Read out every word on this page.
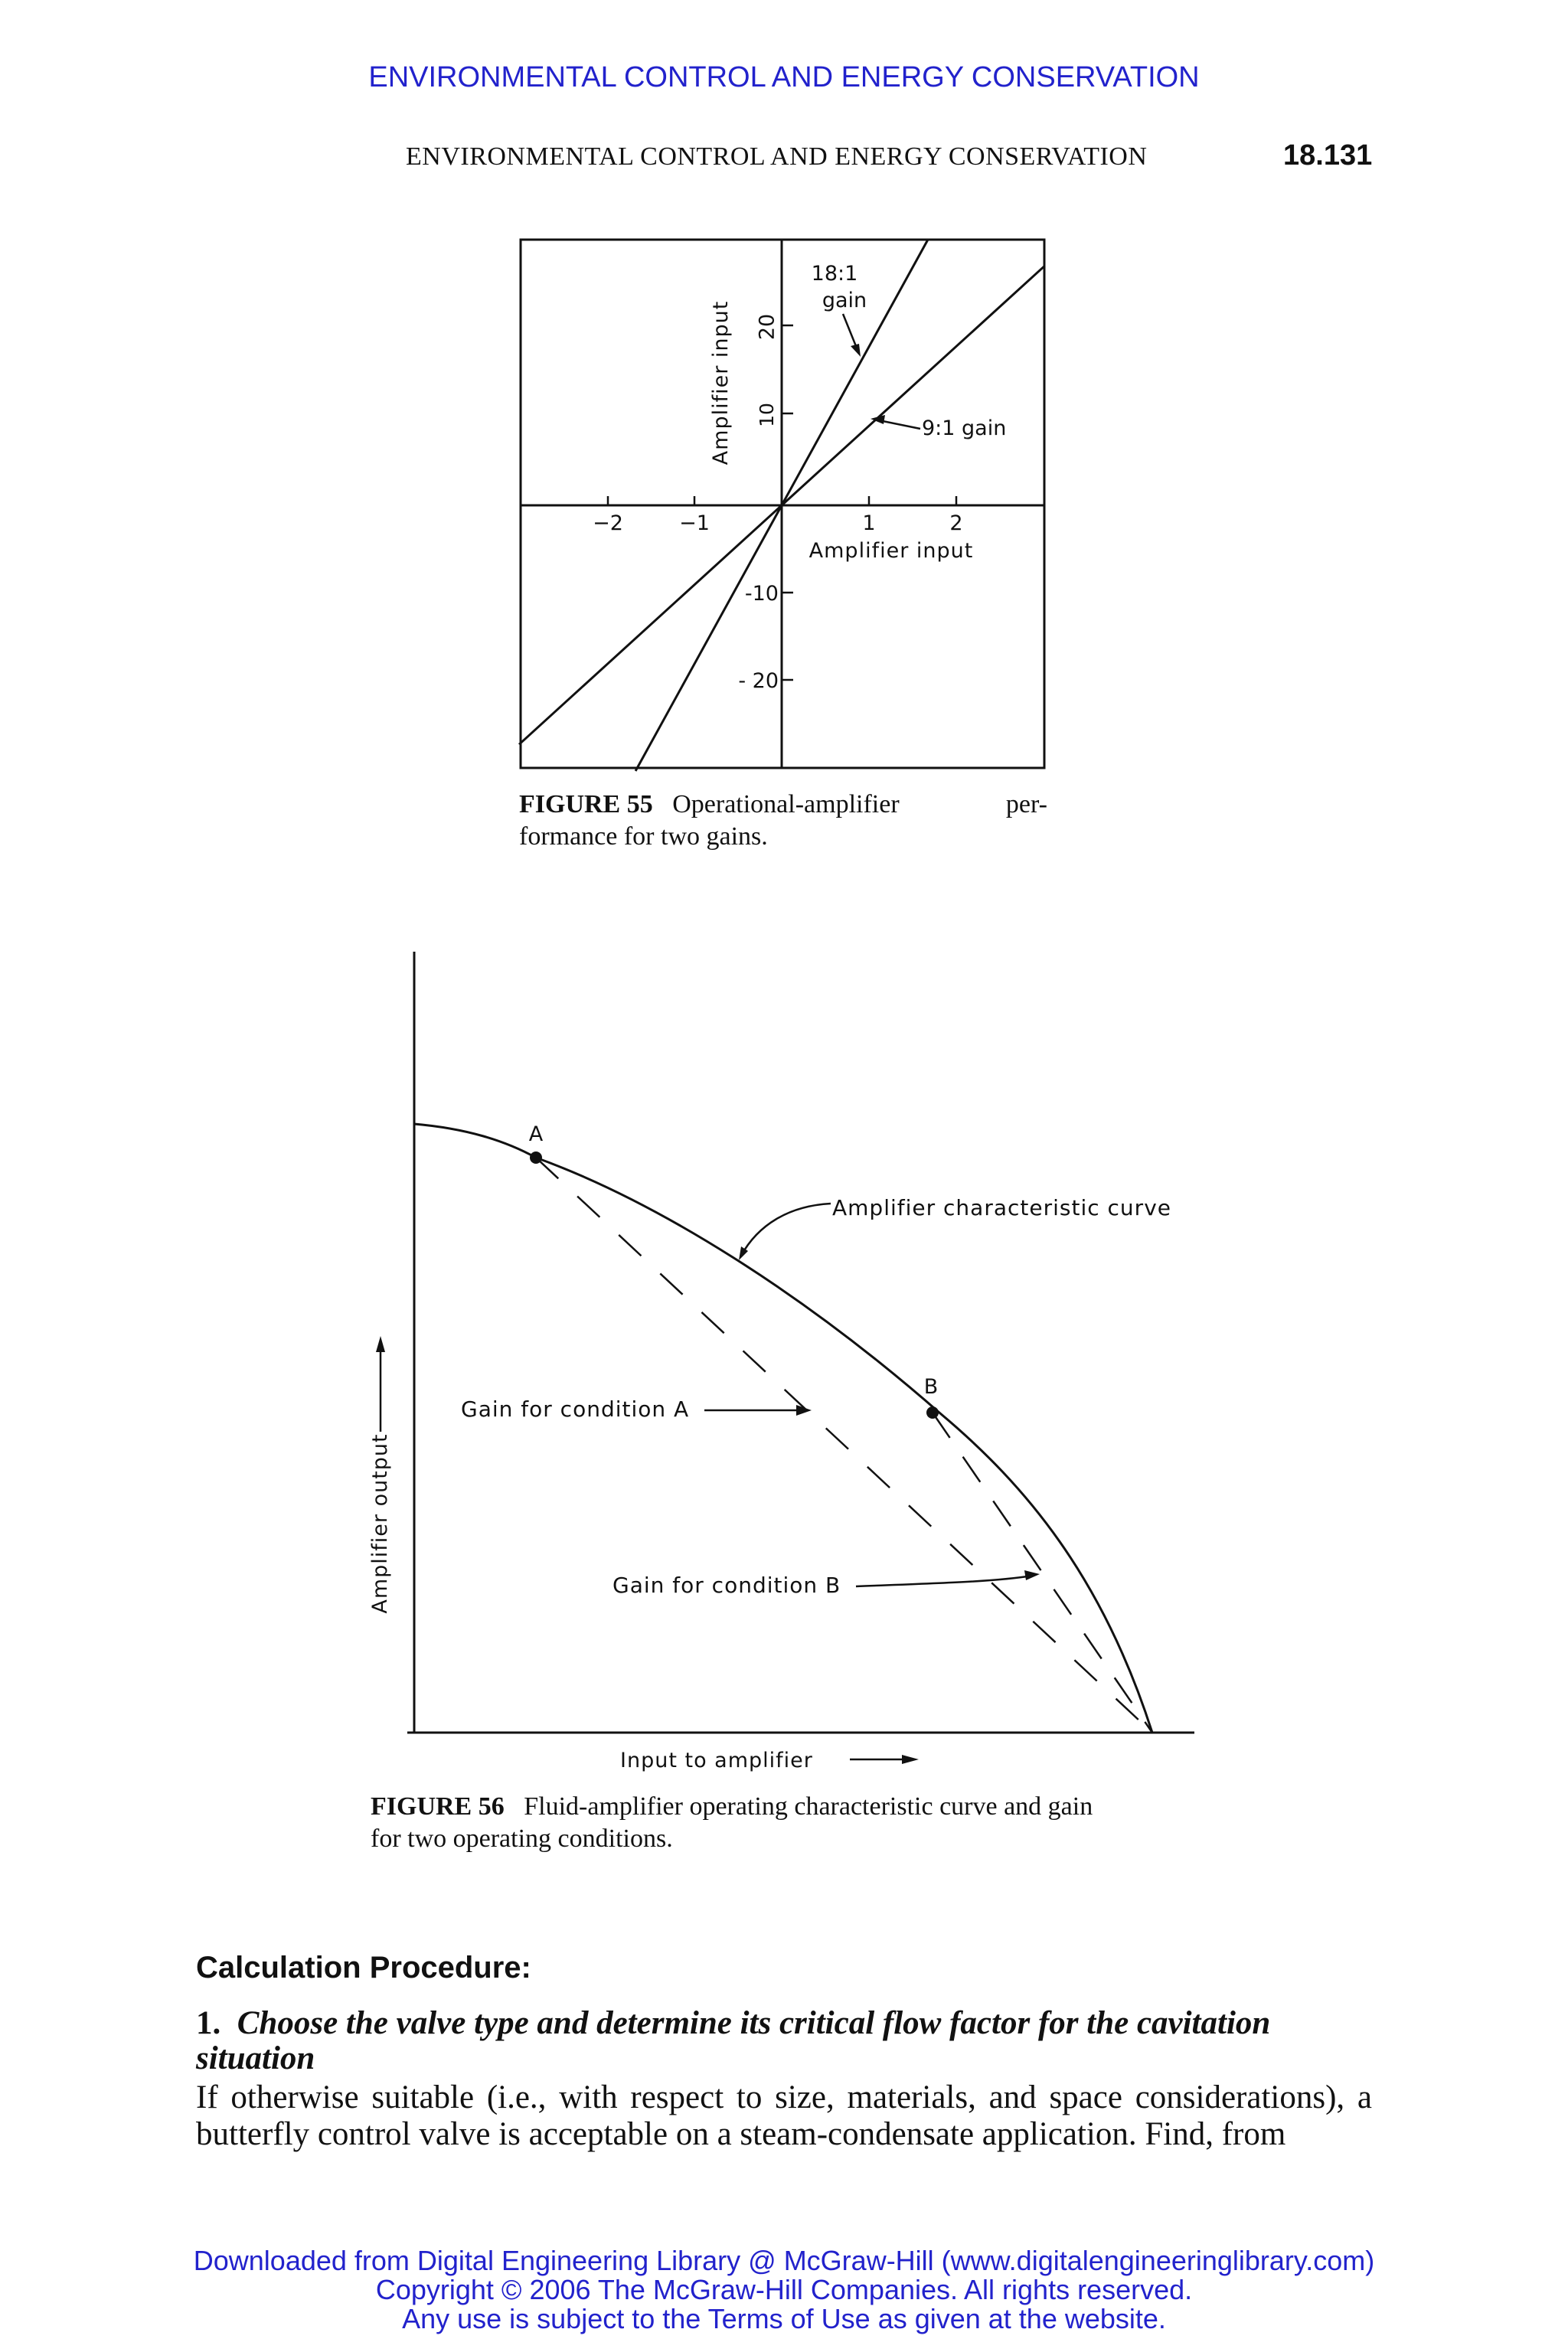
ENVIRONMENTAL CONTROL AND ENERGY CONSERVATION
ENVIRONMENTAL CONTROL AND ENERGY CONSERVATION	18.131
−2	−1	1	2
20
10
-10
- 20
Amplifier input
Amplifier input
18:1
gain
9:1 gain
FIGURE 55 Operational-amplifier per-
formance for two gains.
A
B
Amplifier characteristic curve
Gain for condition A
Gain for condition B
Amplifier output
Input to amplifier
FIGURE 56 Fluid-amplifier operating characteristic curve and gain
for two operating conditions.
Calculation Procedure:
1. Choose the valve type and determine its critical flow factor for the cavitation situation
If otherwise suitable (i.e., with respect to size, materials, and space considerations), a butterfly control valve is acceptable on a steam-condensate application. Find, from
Downloaded from Digital Engineering Library @ McGraw-Hill (www.digitalengineeringlibrary.com)
Copyright © 2006 The McGraw-Hill Companies. All rights reserved.
Any use is subject to the Terms of Use as given at the website.
